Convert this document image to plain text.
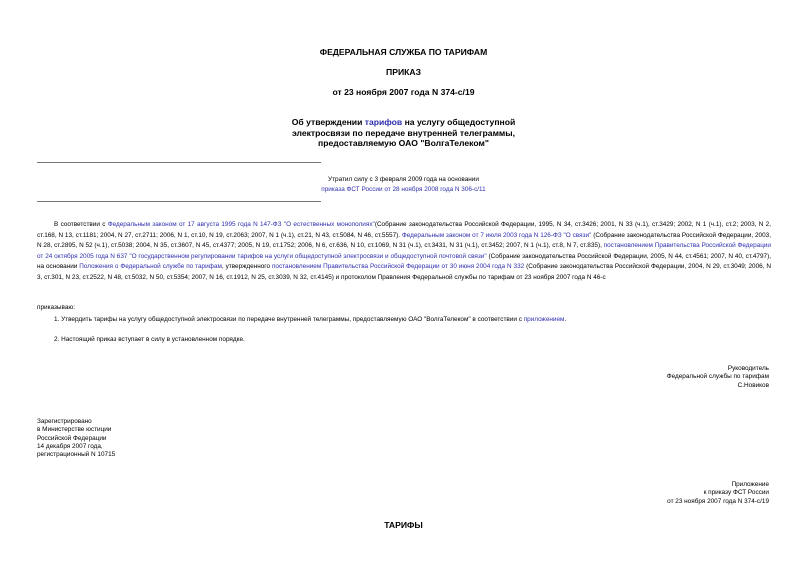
ФЕДЕРАЛЬНАЯ СЛУЖБА ПО ТАРИФАМ
ПРИКАЗ
от 23 ноября 2007 года N 374-с/19
Об утверждении тарифов на услугу общедоступной электросвязи по передаче внутренней телеграммы, предоставляемую ОАО "ВолгаТелеком"
Утратил силу с 3 февраля 2009 года на основании
приказа ФСТ России от 28 ноября 2008 года N 306-с/11
В соответствии с Федеральным законом от 17 августа 1995 года N 147-ФЗ "О естественных монополиях"(Собрание законодательства Российской Федерации, 1995, N 34, ст.3426; 2001, N 33 (ч.1), ст.3429; 2002, N 1 (ч.1), ст.2; 2003, N 2, ст.168, N 13, ст.1181; 2004, N 27, ст.2711; 2006, N 1, ст.10, N 19, ст.2063; 2007, N 1 (ч.1), ст.21, N 43, ст.5084, N 46, ст.5557). Федеральным законом от 7 июля 2003 года N 126-ФЗ "О связи" (Собрание законодательства Российской Федерации, 2003, N 28, ст.2895, N 52 (ч.1), ст.5038; 2004, N 35, ст.3607, N 45, ст.4377; 2005, N 19, ст.1752; 2006, N 6, ст.636, N 10, ст.1069, N 31 (ч.1), ст.3431, N 31 (ч.1), ст.3452; 2007, N 1 (ч.1), ст.8, N 7, ст.835), постановлением Правительства Российской Федерации от 24 октября 2005 года N 637 "О государственном регулировании тарифов на услуги общедоступной электросвязи и общедоступной почтовой связи" (Собрание законодательства Российской Федерации, 2005, N 44, ст.4561; 2007, N 40, ст.4797), на основании Положения о Федеральной службе по тарифам, утвержденного постановлением Правительства Российской Федерации от 30 июня 2004 года N 332 (Собрание законодательства Российской Федерации, 2004, N 29, ст.3049; 2006, N 3, ст.301, N 23, ст.2522, N 48, ст.5032, N 50, ст.5354; 2007, N 16, ст.1912, N 25, ст.3039, N 32, ст.4145) и протоколом Правления Федеральной службы по тарифам от 23 ноября 2007 года N 46-с
приказываю:
1. Утвердить тарифы на услугу общедоступной электросвязи по передаче внутренней телеграммы, предоставляемую ОАО "ВолгаТелеком" в соответствии с приложением.
2. Настоящий приказ вступает в силу в установленном порядке.
Руководитель
Федеральной службы по тарифам
С.Новиков
Зарегистрировано
в Министерстве юстиции
Российской Федерации
14 декабря 2007 года,
регистрационный N 10715
Приложение
к приказу ФСТ России
от 23 ноября 2007 года N 374-с/19
ТАРИФЫ
